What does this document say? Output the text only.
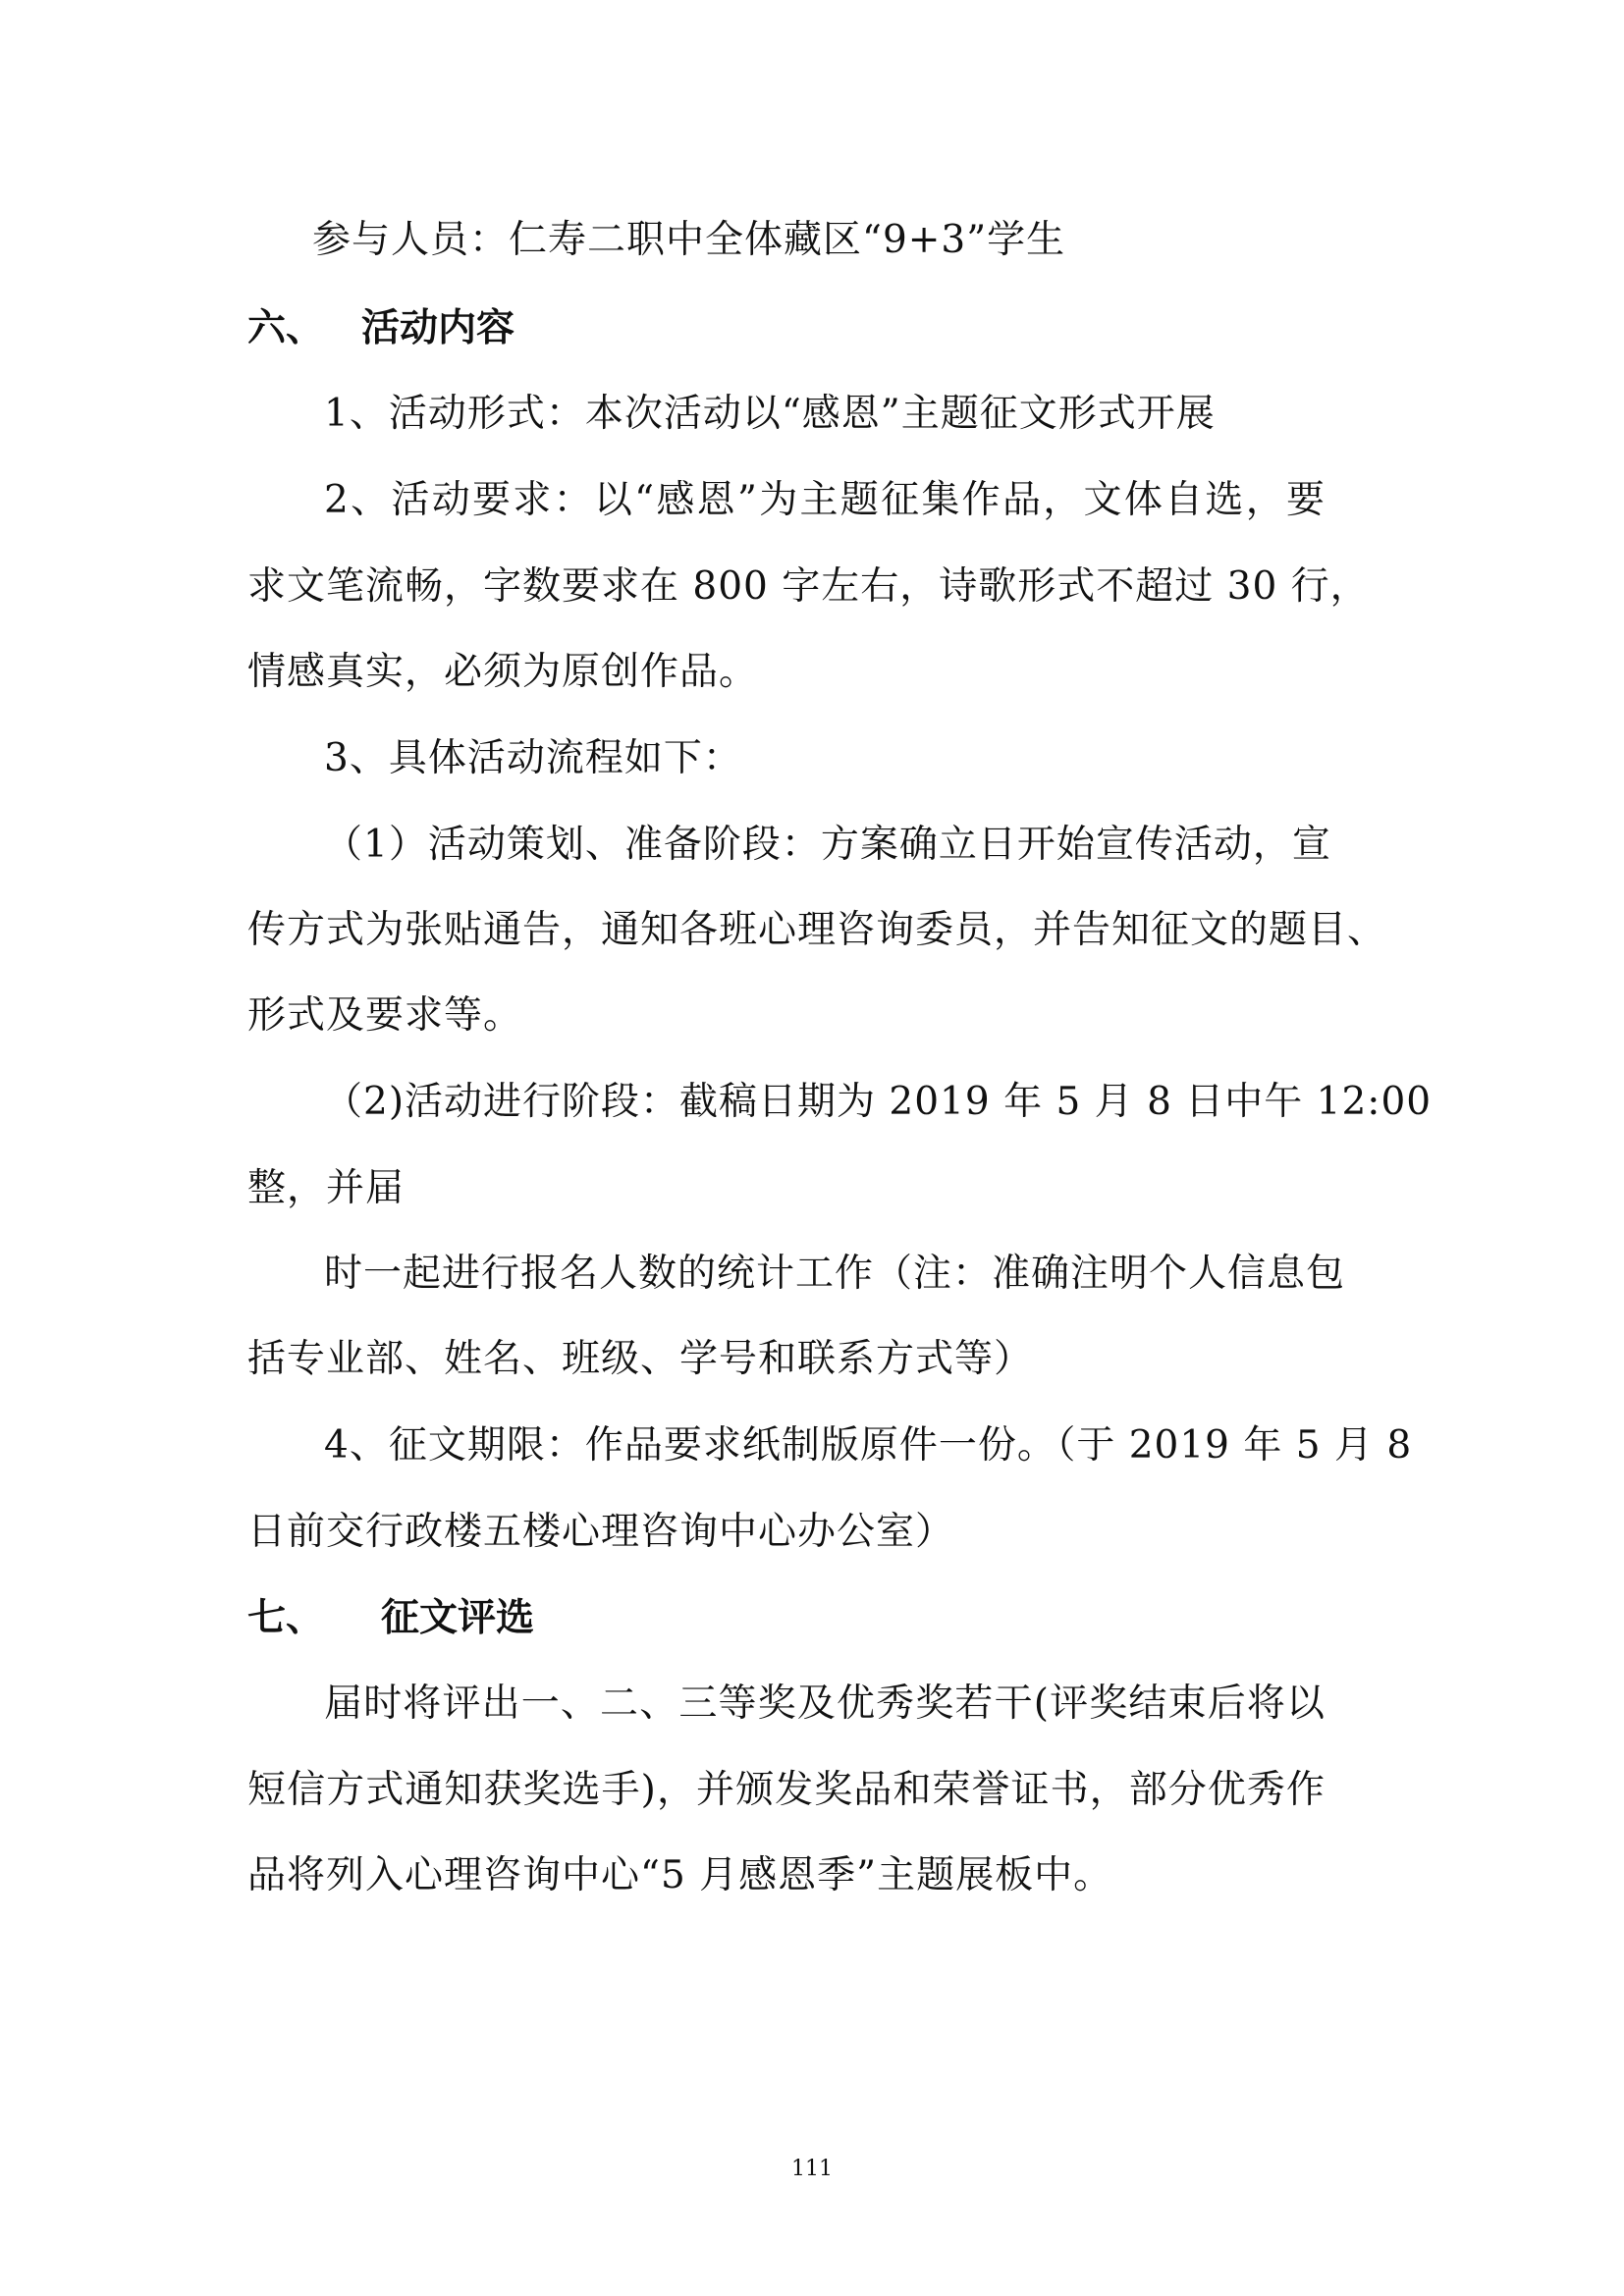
参与人员：仁寿二职中全体藏区“9+3”学生
六、 活动内容
1、活动形式：本次活动以“感恩”主题征文形式开展
2、活动要求：以“感恩”为主题征集作品，文体自选，要
求文笔流畅，字数要求在 800 字左右，诗歌形式不超过 30 行，
情感真实，必须为原创作品。
3、具体活动流程如下：
（1）活动策划、准备阶段：方案确立日开始宣传活动，宣
传方式为张贴通告，通知各班心理咨询委员，并告知征文的题目、
形式及要求等。
（2)活动进行阶段：截稿日期为 2019 年 5 月 8 日中午 12:00
整，并届
时一起进行报名人数的统计工作（注：准确注明个人信息包
括专业部、姓名、班级、学号和联系方式等）
4、征文期限：作品要求纸制版原件一份。（于 2019 年 5 月 8
日前交行政楼五楼心理咨询中心办公室）
七、 征文评选
届时将评出一、二、三等奖及优秀奖若干(评奖结束后将以
短信方式通知获奖选手)，并颁发奖品和荣誉证书，部分优秀作
品将列入心理咨询中心“5 月感恩季”主题展板中。
111
